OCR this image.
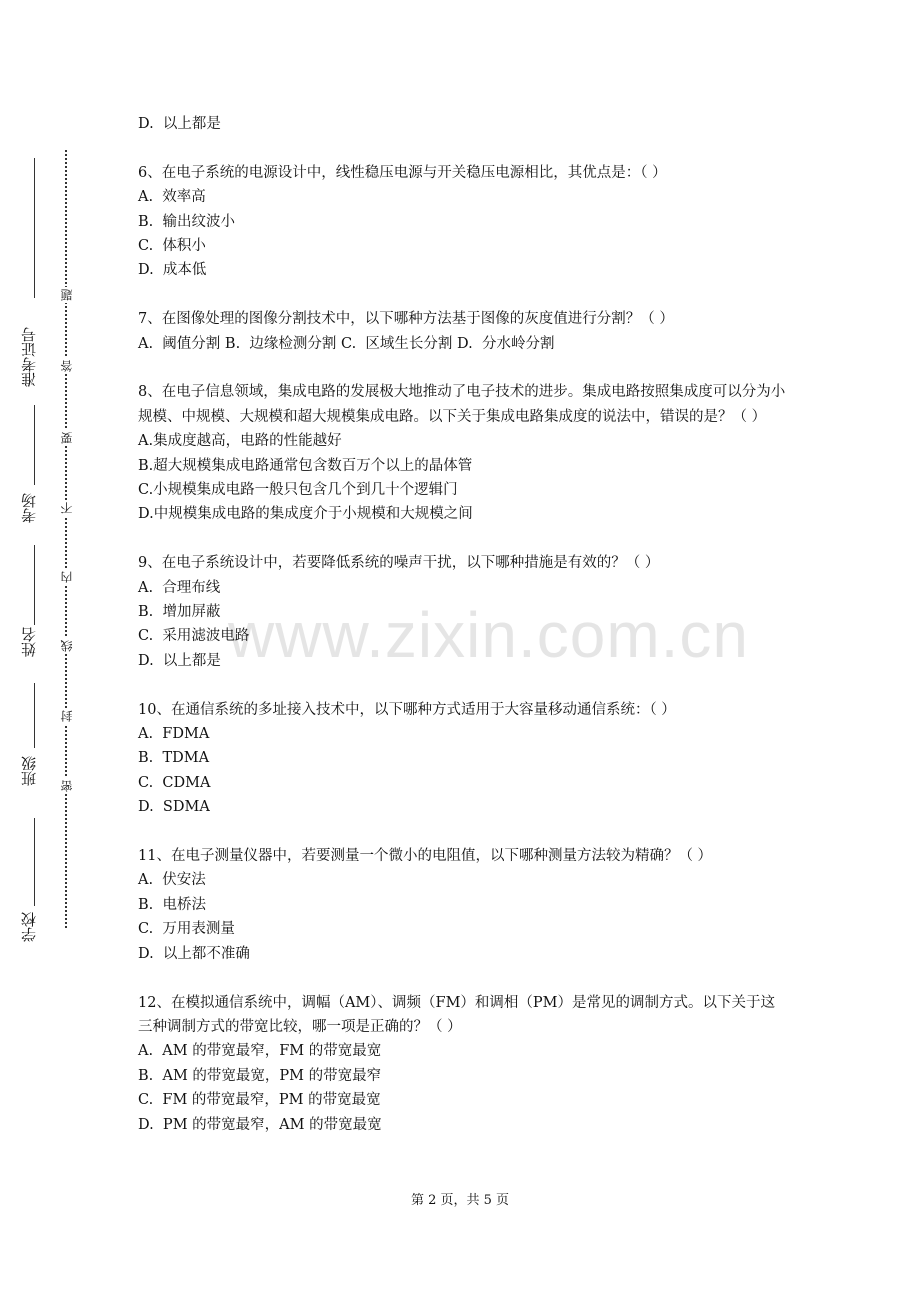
准考证号
考场
姓名
班级
学校
题
答
要
不
内
线
封
密
www.zixin.com.cn
D.  以上都是
6、在电子系统的电源设计中，线性稳压电源与开关稳压电源相比，其优点是：（ ）
A.  效率高
B.  输出纹波小
C.  体积小
D.  成本低
7、在图像处理的图像分割技术中，以下哪种方法基于图像的灰度值进行分割？（ ）
A.  阈值分割 B.  边缘检测分割 C.  区域生长分割 D.  分水岭分割
8、在电子信息领域，集成电路的发展极大地推动了电子技术的进步。集成电路按照集成度可以分为小规模、中规模、大规模和超大规模集成电路。以下关于集成电路集成度的说法中，错误的是？（ ）
A.集成度越高，电路的性能越好
B.超大规模集成电路通常包含数百万个以上的晶体管
C.小规模集成电路一般只包含几个到几十个逻辑门
D.中规模集成电路的集成度介于小规模和大规模之间
9、在电子系统设计中，若要降低系统的噪声干扰，以下哪种措施是有效的？（ ）
A.  合理布线
B.  增加屏蔽
C.  采用滤波电路
D.  以上都是
10、在通信系统的多址接入技术中，以下哪种方式适用于大容量移动通信系统：（ ）
A.  FDMA
B.  TDMA
C.  CDMA
D.  SDMA
11、在电子测量仪器中，若要测量一个微小的电阻值，以下哪种测量方法较为精确？（ ）
A.  伏安法
B.  电桥法
C.  万用表测量
D.  以上都不准确
12、在模拟通信系统中，调幅（AM）、调频（FM）和调相（PM）是常见的调制方式。以下关于这三种调制方式的带宽比较，哪一项是正确的？（ ）
A.  AM 的带宽最窄，FM 的带宽最宽
B.  AM 的带宽最宽，PM 的带宽最窄
C.  FM 的带宽最窄，PM 的带宽最宽
D.  PM 的带宽最窄，AM 的带宽最宽
第 2 页，共 5 页
